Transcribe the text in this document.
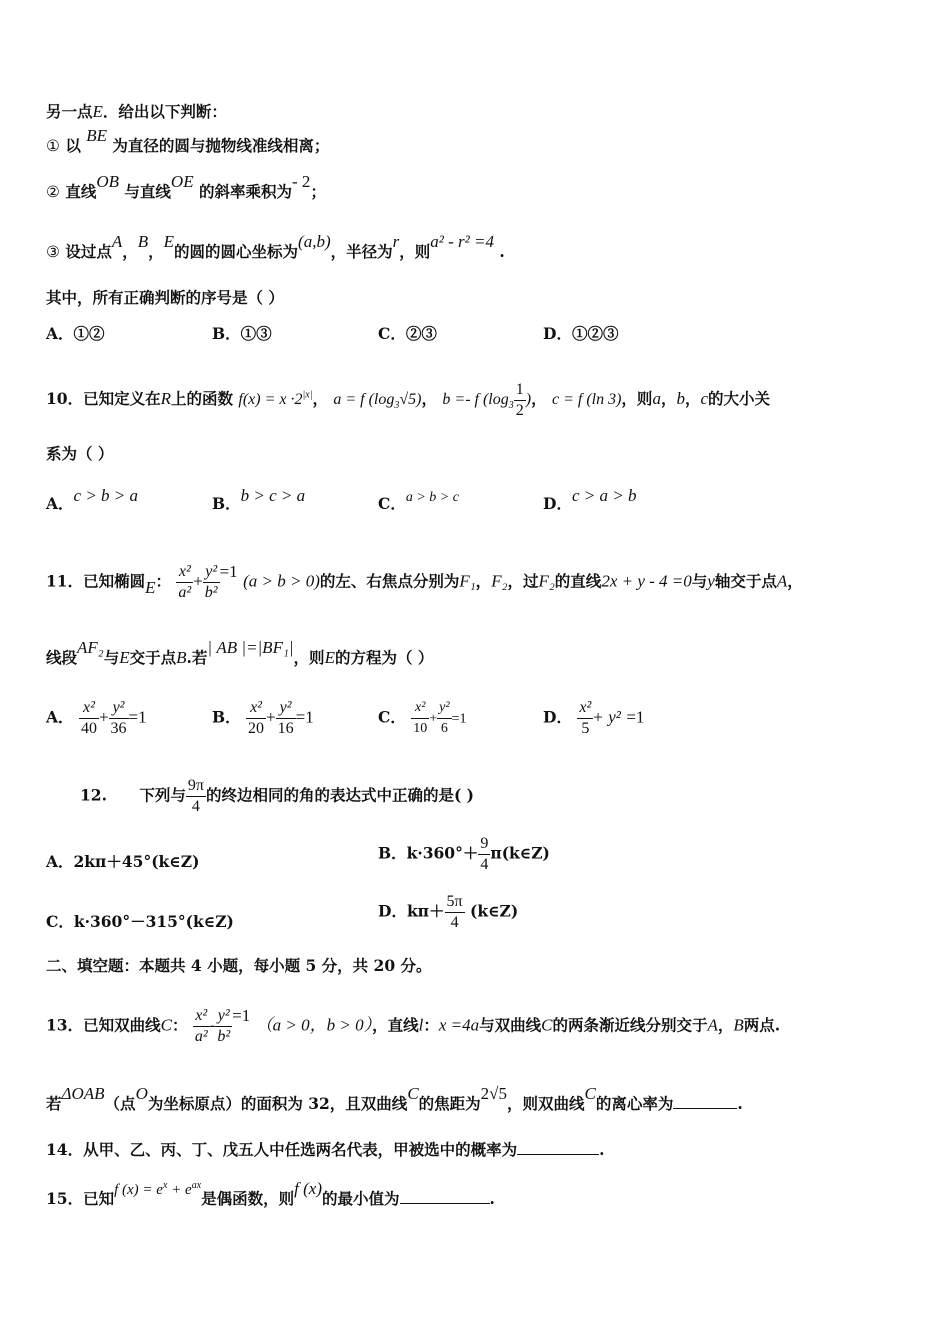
另一点E．给出以下判断：
① 以 BE 为直径的圆与抛物线准线相离；
② 直线OB 与直线OE 的斜率乘积为- 2；
③ 设过点A，B，E的圆的圆心坐标为(a,b)，半径为r，则a² - r² =4 .
其中，所有正确判断的序号是（ ）
A．①②	B．①③	C．②③	D．①②③
10．已知定义在R上的函数 $f(x) = x \cdot 2^{|x|}$， a = f $(\log_3√5)$， b =- f ($\log_3 \frac{1}{2}$ )， c = f (ln 3)，则a，b，c的大小关
系为（ ）
A．c > b > a	B．b > c > a	C．a > b > c	D．c > a > b
11．已知椭圆E： $\frac{\text{x²}}{\text{a²}} + \frac{\text{y²}}{\text{b²}} =1$ (a > b > 0)的左、右焦点分别为F₁，F₂，过F₂的直线2x + y - 4 =0与y轴交于点A，
线段AF₂与E交于点B.若| AB |=|BF₁|，则E的方程为（ ）
A． $\frac{\text{x²}}{40} + \frac{\text{y²}}{36} =1$	B． $\frac{\text{x²}}{20} + \frac{\text{y²}}{16} =1$	C． $\frac{\text{x²}}{10} + \frac{\text{y²}}{6} =1$	D． $\frac{\text{x²}}{5} + y^2 =1$
12. 下列与 $\frac{9\pi}{4}$ 的终边相同的角的表达式中正确的是( )
A．2kπ＋45°(k∈Z)	B．$k\cdot 360^\circ+ \frac{9}{4}$ π(k∈Z)
C．k·360°－315°(k∈Z)
D．$k\pi+ \frac{5\pi}{4}$ (k∈Z)
二、填空题：本题共 4 小题，每小题 5 分，共 20 分。
13．已知双曲线C： $\frac{\text{x²}}{\text{a²}} - \frac{\text{y²}}{\text{b²}} =1$ （a > 0，b > 0），直线l：x =4a与双曲线C的两条渐近线分别交于A，B两点.
若ΔOAB（点O为坐标原点）的面积为 32，且双曲线C的焦距为2√5，则双曲线C的离心率为	.
14．从甲、乙、丙、丁、戊五人中任选两名代表，甲被选中的概率为	.
15．已知f $(x) = e^x + e^{ax}$是偶函数，则f (x)的最小值为	.
